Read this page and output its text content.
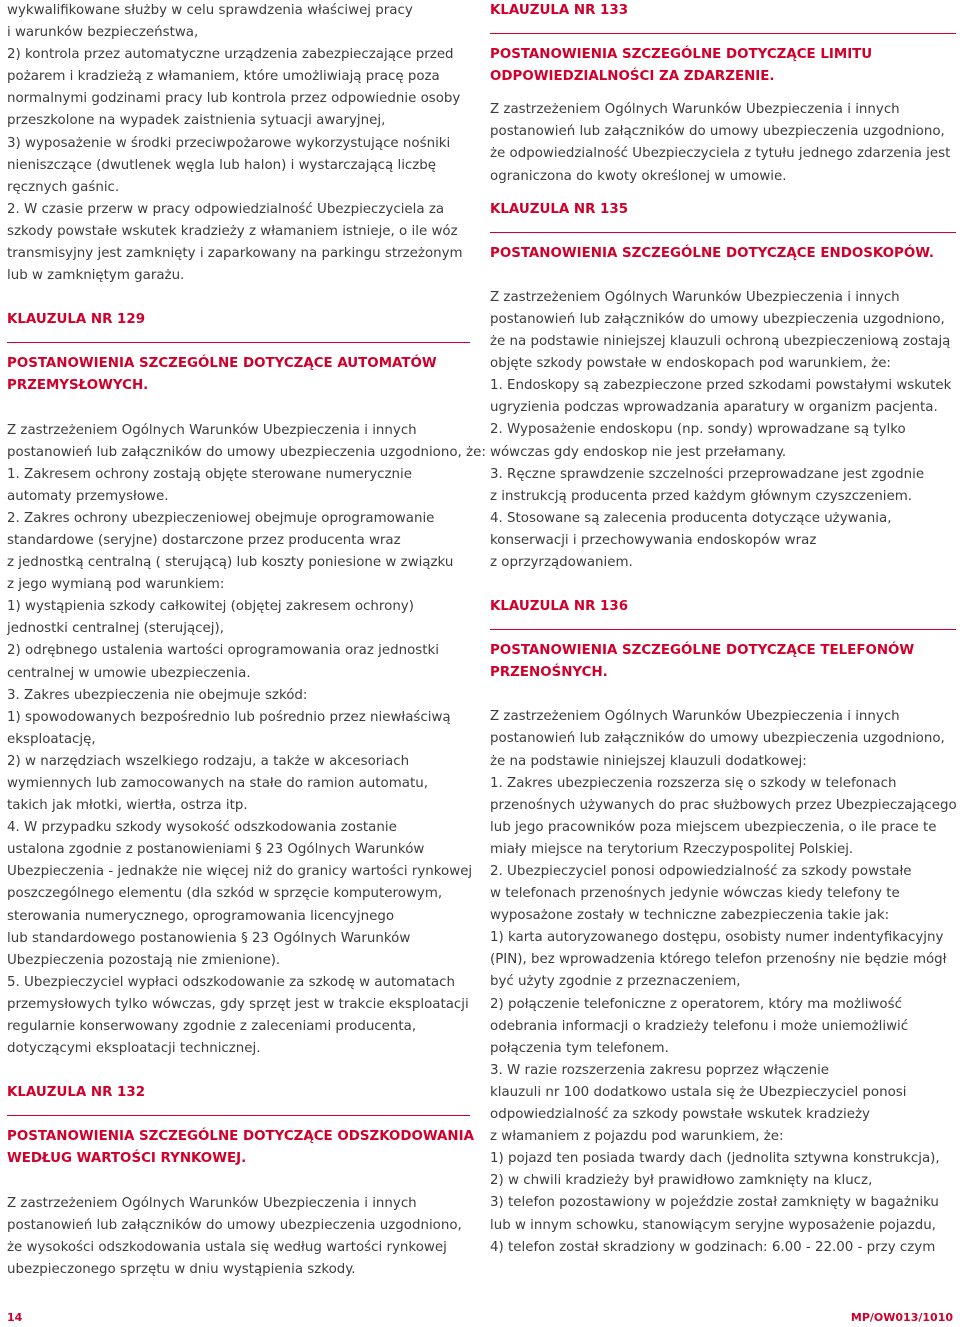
wykwalifikowane służby w celu sprawdzenia właściwej pracy
i warunków bezpieczeństwa,
2) kontrola przez automatyczne urządzenia zabezpieczające przed
pożarem i kradzieżą z włamaniem, które umożliwiają pracę poza
normalnymi godzinami pracy lub kontrola przez odpowiednie osoby
przeszkolone na wypadek zaistnienia sytuacji awaryjnej,
3) wyposażenie w środki przeciwpożarowe wykorzystujące nośniki
nieniszczące (dwutlenek węgla lub halon) i wystarczającą liczbę
ręcznych gaśnic.
2. W czasie przerw w pracy odpowiedzialność Ubezpieczyciela za
szkody powstałe wskutek kradzieży z włamaniem istnieje, o ile wóz
transmisyjny jest zamknięty i zaparkowany na parkingu strzeżonym
lub w zamkniętym garażu.
KLAUZULA NR 129
POSTANOWIENIA SZCZEGÓLNE DOTYCZĄCE AUTOMATÓW
PRZEMYSŁOWYCH.
Z zastrzeżeniem Ogólnych Warunków Ubezpieczenia i innych
postanowień lub załączników do umowy ubezpieczenia uzgodniono, że:
1. Zakresem ochrony zostają objęte sterowane numerycznie
automaty przemysłowe.
2. Zakres ochrony ubezpieczeniowej obejmuje oprogramowanie
standardowe (seryjne) dostarczone przez producenta wraz
z jednostką centralną ( sterującą) lub koszty poniesione w związku
z jego wymianą pod warunkiem:
1) wystąpienia szkody całkowitej (objętej zakresem ochrony)
jednostki centralnej (sterującej),
2) odrębnego ustalenia wartości oprogramowania oraz jednostki
centralnej w umowie ubezpieczenia.
3. Zakres ubezpieczenia nie obejmuje szkód:
1) spowodowanych bezpośrednio lub pośrednio przez niewłaściwą
eksploatację,
2) w narzędziach wszelkiego rodzaju, a także w akcesoriach
wymiennych lub zamocowanych na stałe do ramion automatu,
takich jak młotki, wiertła, ostrza itp.
4. W przypadku szkody wysokość odszkodowania zostanie
ustalona zgodnie z postanowieniami § 23 Ogólnych Warunków
Ubezpieczenia - jednakże nie więcej niż do granicy wartości rynkowej
poszczególnego elementu (dla szkód w sprzęcie komputerowym,
sterowania numerycznego, oprogramowania licencyjnego
lub standardowego postanowienia § 23 Ogólnych Warunków
Ubezpieczenia pozostają nie zmienione).
5. Ubezpieczyciel wypłaci odszkodowanie za szkodę w automatach
przemysłowych tylko wówczas, gdy sprzęt jest w trakcie eksploatacji
regularnie konserwowany zgodnie z zaleceniami producenta,
dotyczącymi eksploatacji technicznej.
KLAUZULA NR 132
POSTANOWIENIA SZCZEGÓLNE DOTYCZĄCE ODSZKODOWANIA
WEDŁUG WARTOŚCI RYNKOWEJ.
Z zastrzeżeniem Ogólnych Warunków Ubezpieczenia i innych
postanowień lub załączników do umowy ubezpieczenia uzgodniono,
że wysokości odszkodowania ustala się według wartości rynkowej
ubezpieczonego sprzętu w dniu wystąpienia szkody.
KLAUZULA NR 133
POSTANOWIENIA SZCZEGÓLNE DOTYCZĄCE LIMITU
ODPOWIEDZIALNOŚCI ZA ZDARZENIE.
Z zastrzeżeniem Ogólnych Warunków Ubezpieczenia i innych
postanowień lub załączników do umowy ubezpieczenia uzgodniono,
że odpowiedzialność Ubezpieczyciela z tytułu jednego zdarzenia jest
ograniczona do kwoty określonej w umowie.
KLAUZULA NR 135
POSTANOWIENIA SZCZEGÓLNE DOTYCZĄCE ENDOSKOPÓW.
Z zastrzeżeniem Ogólnych Warunków Ubezpieczenia i innych
postanowień lub załączników do umowy ubezpieczenia uzgodniono,
że na podstawie niniejszej klauzuli ochroną ubezpieczeniową zostają
objęte szkody powstałe w endoskopach pod warunkiem, że:
1. Endoskopy są zabezpieczone przed szkodami powstałymi wskutek
ugryzienia podczas wprowadzania aparatury w organizm pacjenta.
2. Wyposażenie endoskopu (np. sondy) wprowadzane są tylko
wówczas gdy endoskop nie jest przełamany.
3. Ręczne sprawdzenie szczelności przeprowadzane jest zgodnie
z instrukcją producenta przed każdym głównym czyszczeniem.
4. Stosowane są zalecenia producenta dotyczące używania,
konserwacji i przechowywania endoskopów wraz
z oprzyrządowaniem.
KLAUZULA NR 136
POSTANOWIENIA SZCZEGÓLNE DOTYCZĄCE TELEFONÓW
PRZENOŚNYCH.
Z zastrzeżeniem Ogólnych Warunków Ubezpieczenia i innych
postanowień lub załączników do umowy ubezpieczenia uzgodniono,
że na podstawie niniejszej klauzuli dodatkowej:
1. Zakres ubezpieczenia rozszerza się o szkody w telefonach
przenośnych używanych do prac służbowych przez Ubezpieczającego
lub jego pracowników poza miejscem ubezpieczenia, o ile prace te
miały miejsce na terytorium Rzeczypospolitej Polskiej.
2. Ubezpieczyciel ponosi odpowiedzialność za szkody powstałe
w telefonach przenośnych jedynie wówczas kiedy telefony te
wyposażone zostały w techniczne zabezpieczenia takie jak:
1) karta autoryzowanego dostępu, osobisty numer indentyfikacyjny
(PIN), bez wprowadzenia którego telefon przenośny nie będzie mógł
być użyty zgodnie z przeznaczeniem,
2) połączenie telefoniczne z operatorem, który ma możliwość
odebrania informacji o kradzieży telefonu i może uniemożliwić
połączenia tym telefonem.
3. W razie rozszerzenia zakresu poprzez włączenie
klauzuli nr 100 dodatkowo ustala się że Ubezpieczyciel ponosi
odpowiedzialność za szkody powstałe wskutek kradzieży
z włamaniem z pojazdu pod warunkiem, że:
1) pojazd ten posiada twardy dach (jednolita sztywna konstrukcja),
2) w chwili kradzieży był prawidłowo zamknięty na klucz,
3) telefon pozostawiony w pojeździe został zamknięty w bagażniku
lub w innym schowku, stanowiącym seryjne wyposażenie pojazdu,
4) telefon został skradziony w godzinach: 6.00 - 22.00 - przy czym
14	MP/OW013/1010
